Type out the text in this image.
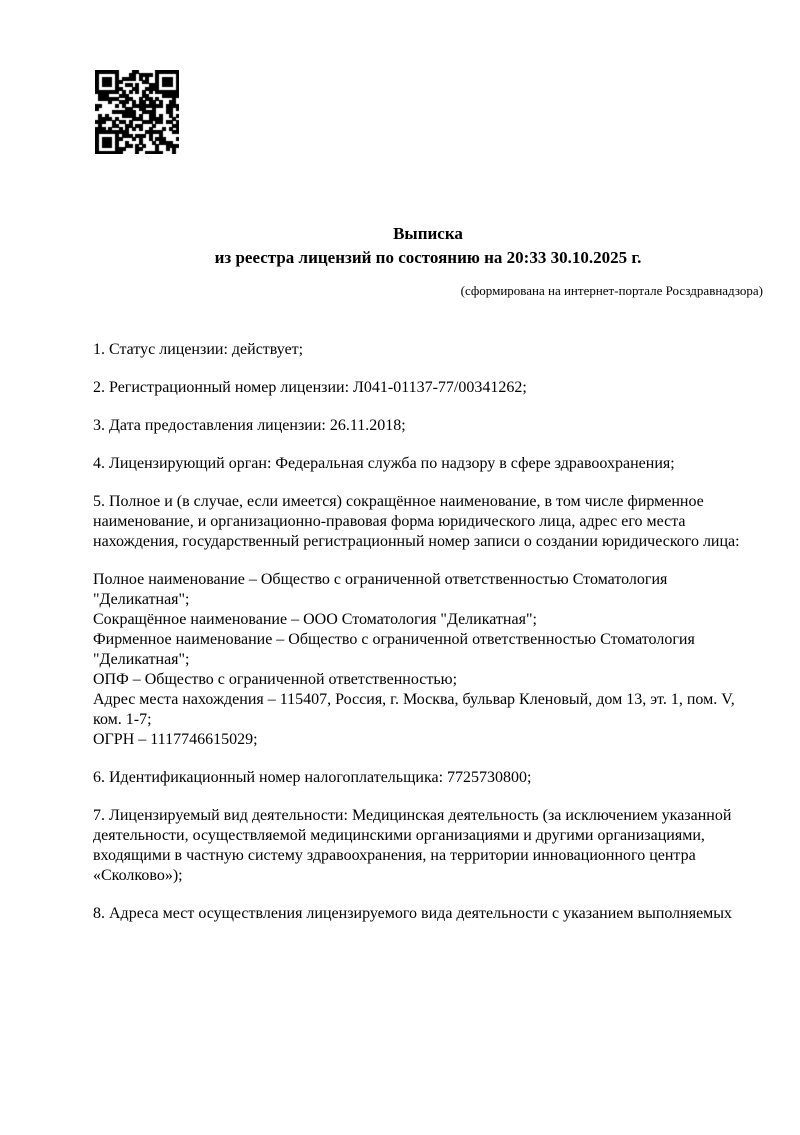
Выписка
из реестра лицензий по состоянию на 20:33 30.10.2025 г.
(сформирована на интернет-портале Росздравнадзора)
1. Статус лицензии: действует;
2. Регистрационный номер лицензии: Л041-01137-77/00341262;
3. Дата предоставления лицензии: 26.11.2018;
4. Лицензирующий орган: Федеральная служба по надзору в сфере здравоохранения;
5. Полное и (в случае, если имеется) сокращённое наименование, в том числе фирменное наименование, и организационно-правовая форма юридического лица, адрес его места нахождения, государственный регистрационный номер записи о создании юридического лица:
Полное наименование – Общество с ограниченной ответственностью Стоматология "Деликатная";
Сокращённое наименование – ООО Стоматология "Деликатная";
Фирменное наименование – Общество с ограниченной ответственностью Стоматология "Деликатная";
ОПФ – Общество с ограниченной ответственностью;
Адрес места нахождения – 115407, Россия, г. Москва, бульвар Кленовый, дом 13, эт. 1, пом. V, ком. 1-7;
ОГРН – 1117746615029;
6. Идентификационный номер налогоплательщика: 7725730800;
7. Лицензируемый вид деятельности: Медицинская деятельность (за исключением указанной деятельности, осуществляемой медицинскими организациями и другими организациями, входящими в частную систему здравоохранения, на территории инновационного центра «Сколково»);
8. Адреса мест осуществления лицензируемого вида деятельности с указанием выполняемых
